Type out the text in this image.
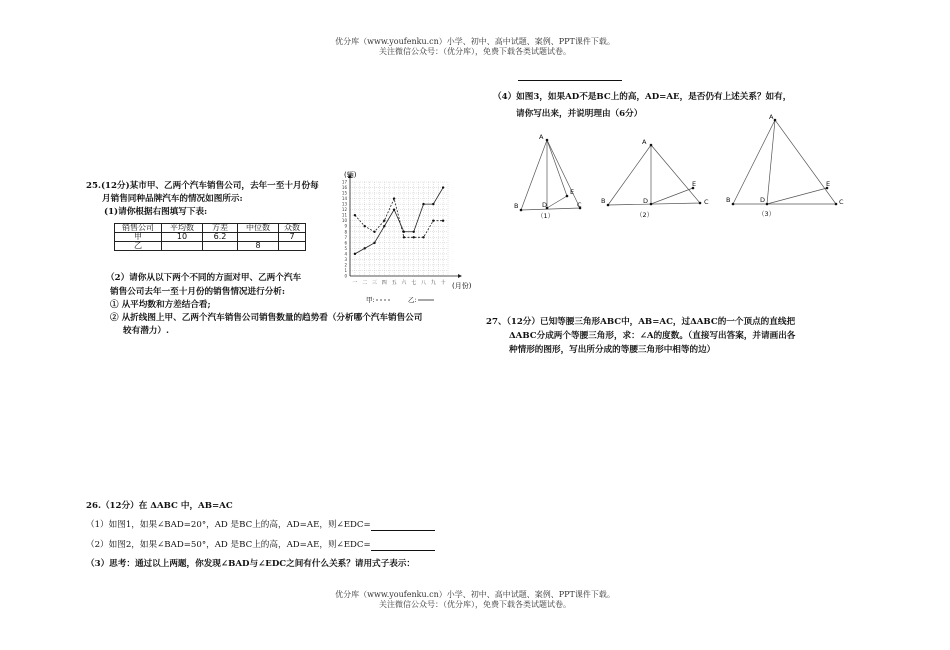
优分库（www.youfenku.cn）小学、初中、高中试题、案例、PPT课件下载。
关注微信公众号：（优分库），免费下载各类试题试卷。
25.(12分)某市甲、乙两个汽车销售公司，去年一至十月份每
月销售同种品牌汽车的情况如图所示:
(1)请你根据右图填写下表:
销售公司	平均数	方差	中位数	众数
甲	10	6.2		7
乙			8	
（2）请你从以下两个不同的方面对甲、乙两个汽车
销售公司去年一至十月份的销售情况进行分析:
① 从平均数和方差结合看;
② 从折线图上甲、乙两个汽车销售公司销售数量的趋势看（分析哪个汽车销售公司
较有潜力）.
0
1
2
3
4
5
6
7
8
9
10
11
12
13
14
15
16
17
一 二 三 四 五 六 七 八 九 十
(辆)
(月份)
甲:	乙:
26.（12分）在 ΔABC 中，AB=AC
（1）如图1，如果∠BAD=20°，AD 是BC上的高，AD=AE，则∠EDC=
（2）如图2，如果∠BAD=50°，AD 是BC上的高，AD=AE，则∠EDC=
（3）思考：通过以上两题，你发现∠BAD与∠EDC之间有什么关系？请用式子表示：
（4）如图3，如果AD不是BC上的高，AD=AE，是否仍有上述关系？如有，
请你写出来，并说明理由（6分）
A
B	C
D
E
（1）
A
B	C
D
E
（2）
A
B	C
D
E
（3）
27、（12分）已知等腰三角形ABC中，AB=AC，过ΔABC的一个顶点的直线把
ΔABC分成两个等腰三角形，求：∠A的度数。（直接写出答案，并请画出各
种情形的图形，写出所分成的等腰三角形中相等的边）
优分库（www.youfenku.cn）小学、初中、高中试题、案例、PPT课件下载。
关注微信公众号：（优分库），免费下载各类试题试卷。
